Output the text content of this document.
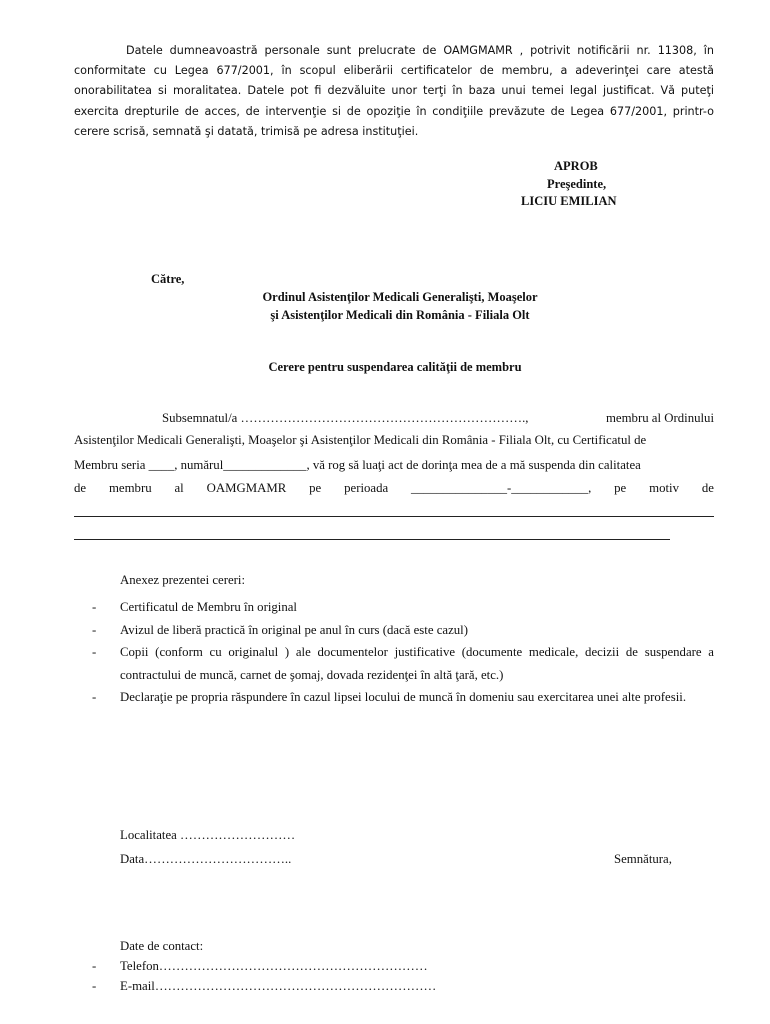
Datele dumneavoastră personale sunt prelucrate de OAMGMAMR , potrivit notificării nr. 11308, în conformitate cu Legea 677/2001, în scopul eliberării certificatelor de membru, a adeverinţei care atestă onorabilitatea si moralitatea. Datele pot fi dezvăluite unor terţi în baza unui temei legal justificat. Vă puteţi exercita drepturile de acces, de intervenţie si de opoziţie în condiţiile prevăzute de Legea 677/2001, printr-o cerere scrisă, semnată şi datată, trimisă pe adresa instituţiei.

APROB
Preşedinte,
LICIU EMILIAN
Către,
Ordinul Asistenţilor Medicali Generalişti, Moaşelor
şi Asistenţilor Medicali din România - Filiala Olt
Cerere pentru suspendarea calităţii de membru
Subsemnatul/a ………………………………………………………….,	membru al Ordinului
Asistenţilor Medicali Generalişti, Moaşelor şi Asistenţilor Medicali din România - Filiala Olt, cu Certificatul de
Membru seria ____, numărul_____________, vă rog să luaţi act de dorinţa mea de a mă suspenda din calitatea
de membru al OAMGMAMR pe perioada _______________-____________, pe motiv de
Anexez prezentei cereri:
-	Certificatul de Membru în original
-	Avizul de liberă practică în original pe anul în curs (dacă este cazul)
-	Copii (conform cu originalul ) ale documentelor justificative (documente medicale, decizii de suspendare a contractului de muncă, carnet de şomaj, dovada rezidenţei în altă ţară, etc.)
-	Declaraţie pe propria răspundere în cazul lipsei locului de muncă în domeniu sau exercitarea unei alte profesii.
Localitatea ………………………
Data……………………………..	Semnătura,
Date de contact:
-	Telefon………………………………………………………
-	E-mail…………………………………………………………
